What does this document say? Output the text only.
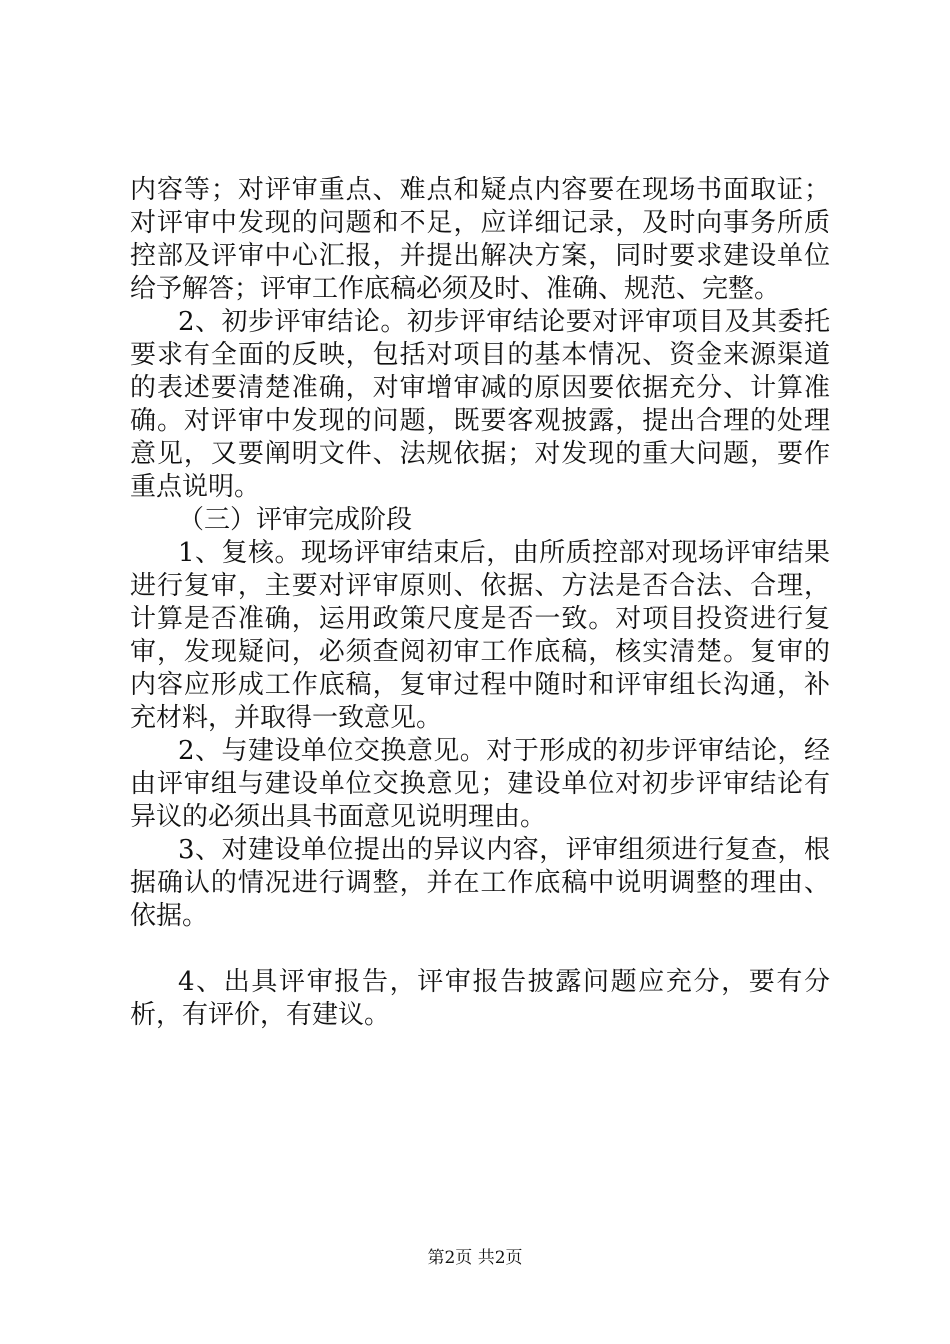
内容等；对评审重点、难点和疑点内容要在现场书面取证；对评审中发现的问题和不足，应详细记录，及时向事务所质控部及评审中心汇报，并提出解决方案，同时要求建设单位给予解答；评审工作底稿必须及时、准确、规范、完整。

2、初步评审结论。初步评审结论要对评审项目及其委托要求有全面的反映，包括对项目的基本情况、资金来源渠道的表述要清楚准确，对审增审减的原因要依据充分、计算准确。对评审中发现的问题，既要客观披露，提出合理的处理意见，又要阐明文件、法规依据；对发现的重大问题，要作重点说明。

（三）评审完成阶段

1、复核。现场评审结束后，由所质控部对现场评审结果进行复审，主要对评审原则、依据、方法是否合法、合理，计算是否准确，运用政策尺度是否一致。对项目投资进行复审，发现疑问，必须查阅初审工作底稿，核实清楚。复审的内容应形成工作底稿，复审过程中随时和评审组长沟通，补充材料，并取得一致意见。

2、与建设单位交换意见。对于形成的初步评审结论，经由评审组与建设单位交换意见；建设单位对初步评审结论有异议的必须出具书面意见说明理由。

3、对建设单位提出的异议内容，评审组须进行复查，根据确认的情况进行调整，并在工作底稿中说明调整的理由、依据。

4、出具评审报告，评审报告披露问题应充分，要有分析，有评价，有建议。

第2页 共2页
